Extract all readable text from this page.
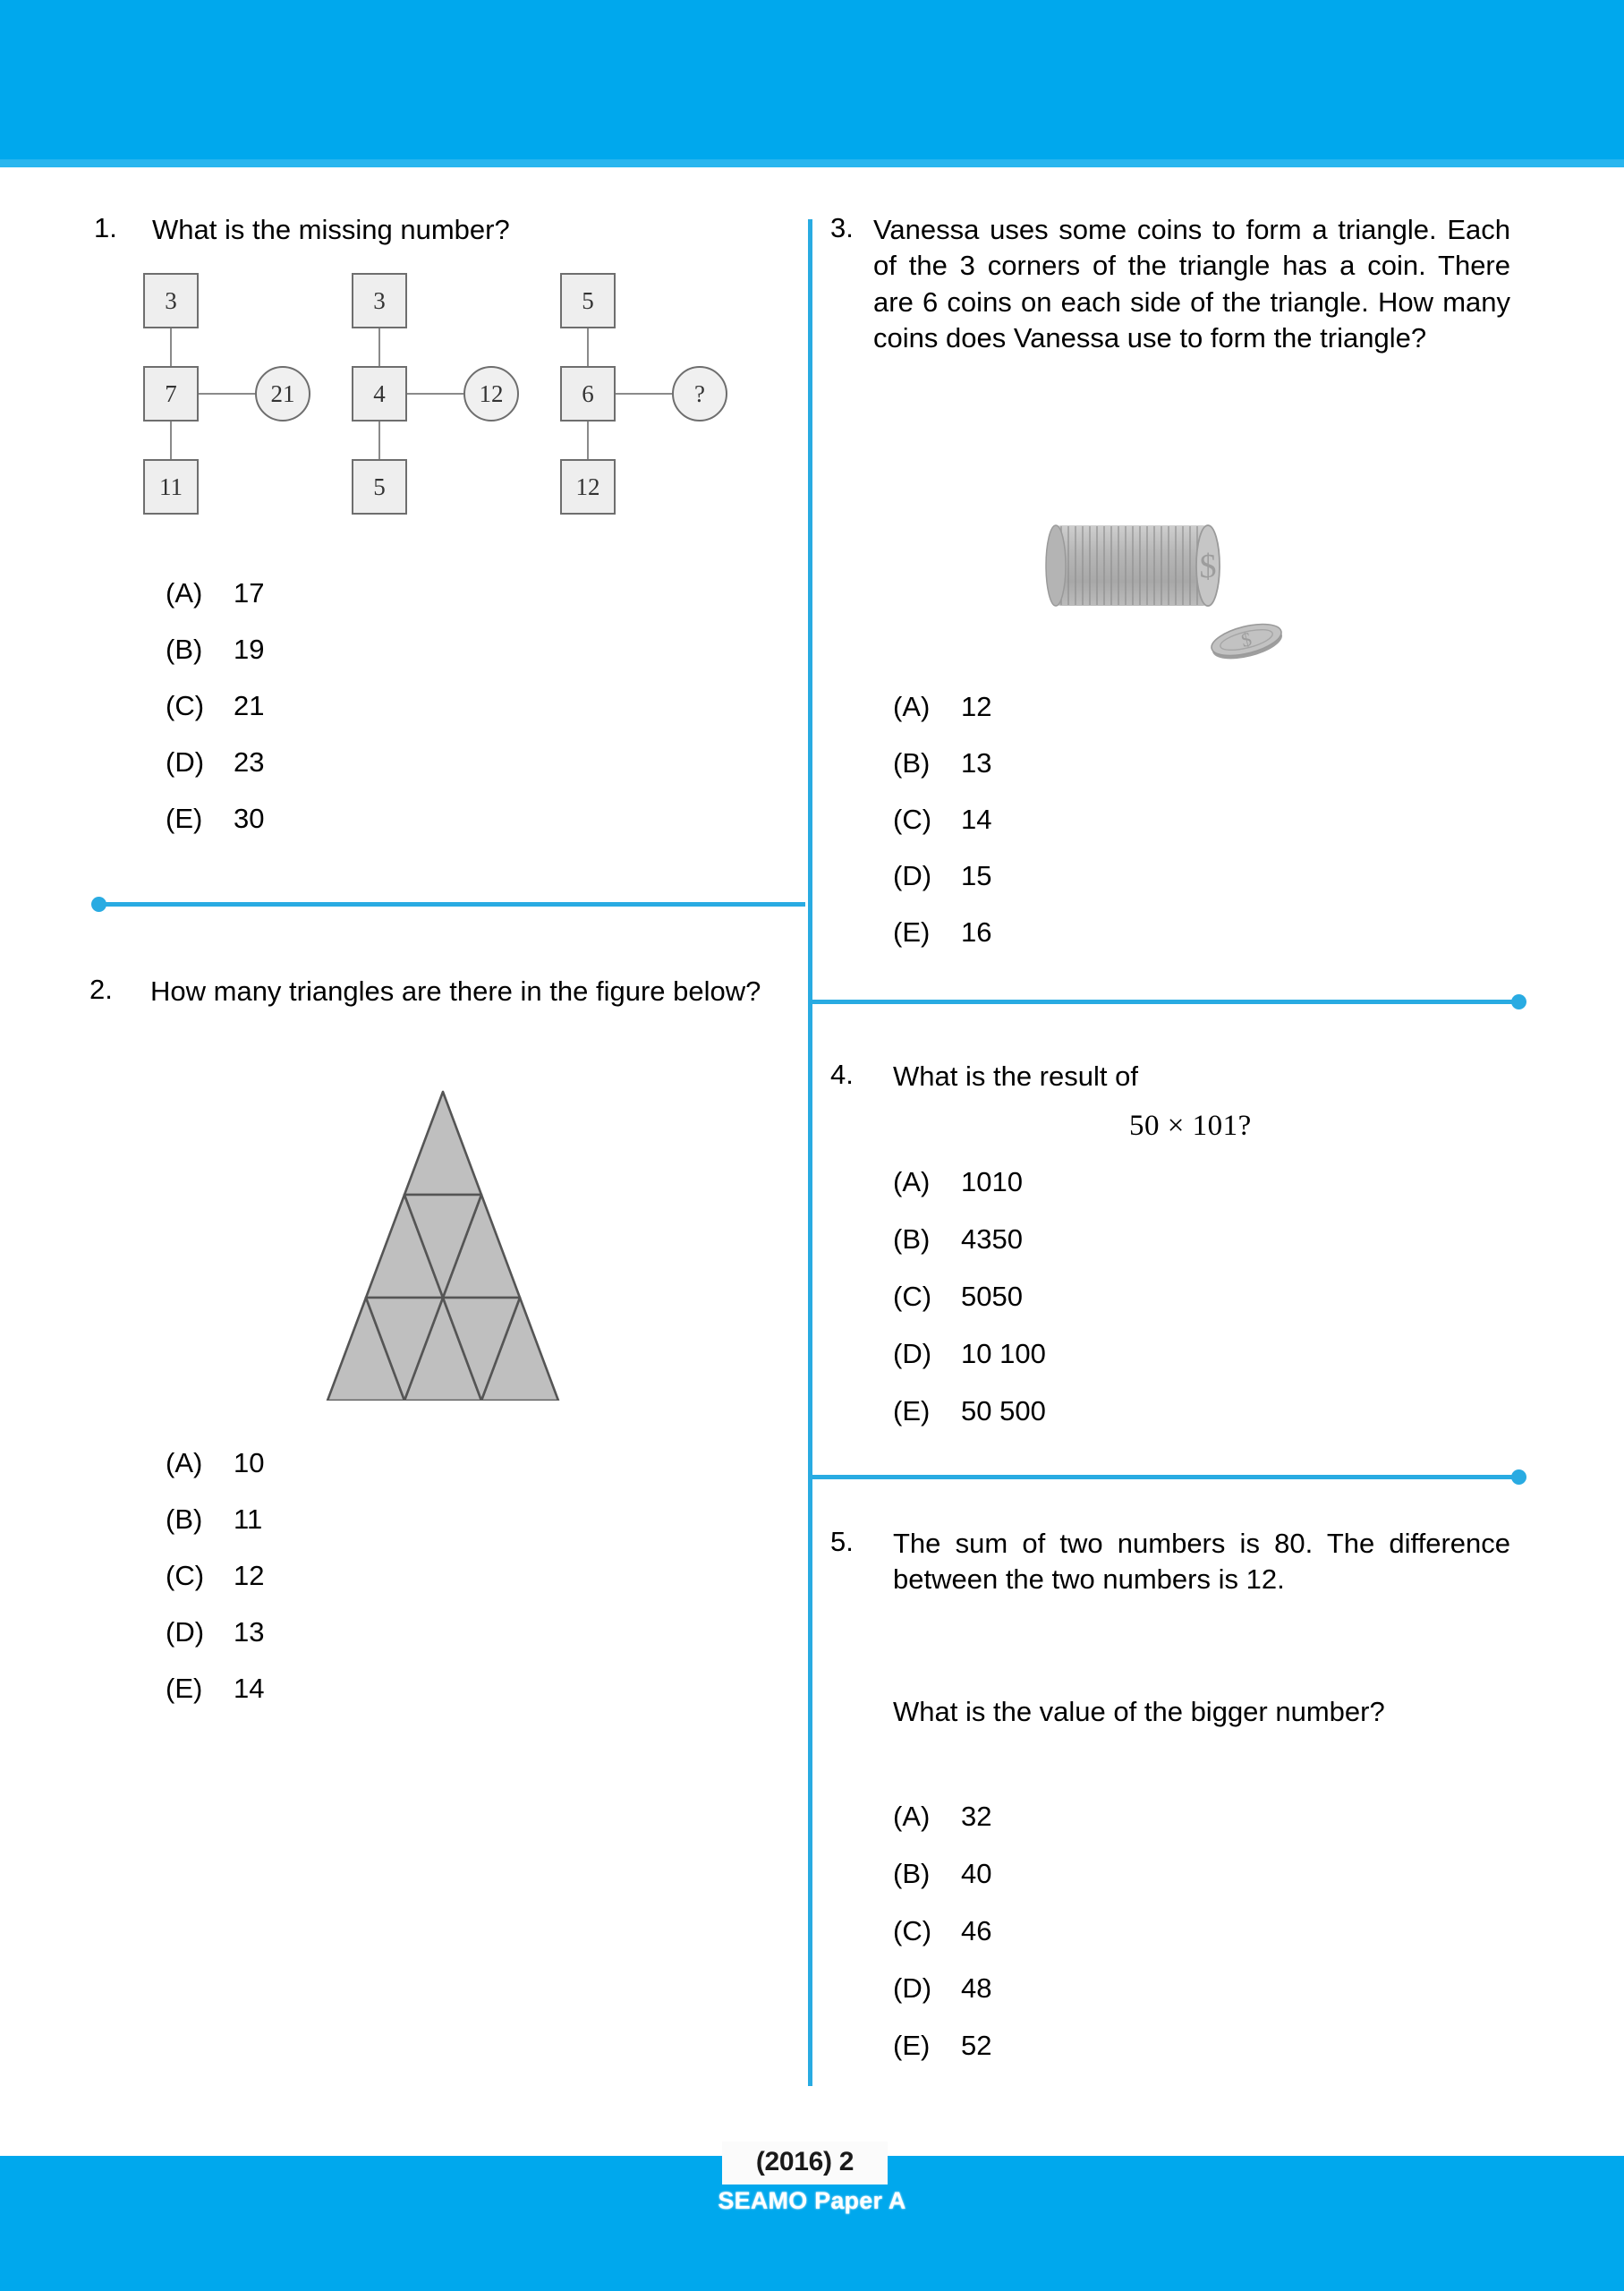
1.	What is the missing number?
3
7
11
21
3
4
5
12
5
6
12
?
(A)	17
(B)	19
(C)	21
(D)	23
(E)	30
2.	How many triangles are there in the figure below?
(A)	10
(B)	11
(C)	12
(D)	13
(E)	14
3. Vanessa uses some coins to form a triangle. Each of the 3 corners of the triangle has a coin. There are 6 coins on each side of the triangle. How many coins does Vanessa use to form the triangle?
$
$
(A)	12
(B)	13
(C)	14
(D)	15
(E)	16
4.	What is the result of
50 × 101?
(A)	1010
(B)	4350
(C)	5050
(D)	10 100
(E)	50 500
5.	The sum of two numbers is 80. The difference between the two numbers is 12.
What is the value of the bigger number?
(A)	32
(B)	40
(C)	46
(D)	48
(E)	52
(2016) 2
SEAMO Paper A
